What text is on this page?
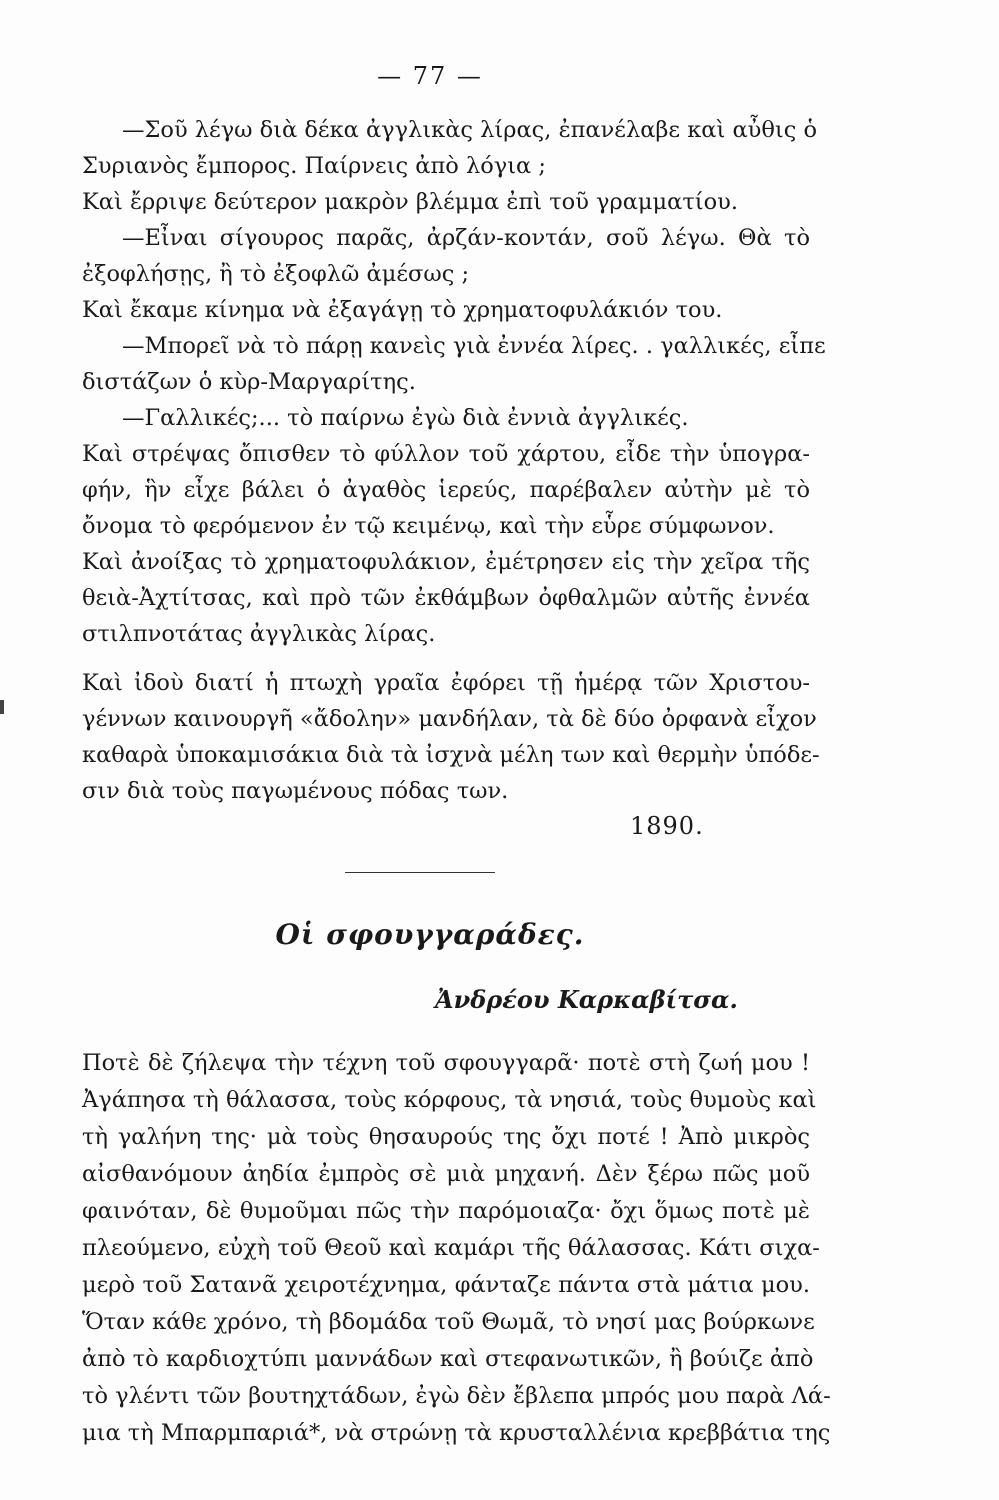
— 77 —
—Σοῦ λέγω διὰ δέκα ἀγγλικὰς λίρας, ἐπανέλαβε καὶ αὖθις ὁ
Συριανὸς ἔμπορος. Παίρνεις ἀπὸ λόγια ;
Καὶ ἔρριψε δεύτερον μακρὸν βλέμμα ἐπὶ τοῦ γραμματίου.
—Εἶναι σίγουρος παρᾶς, ἀρζάν-κοντάν, σοῦ λέγω. Θὰ τὸ
ἐξοφλήσῃς, ἢ τὸ ἐξοφλῶ ἀμέσως ;
Καὶ ἔκαμε κίνημα νὰ ἐξαγάγῃ τὸ χρηματοφυλάκιόν του.
—Μπορεῖ νὰ τὸ πάρῃ κανεὶς γιὰ ἐννέα λίρες. . γαλλικές, εἶπε
διστάζων ὁ κὺρ-Μαργαρίτης.
—Γαλλικές;... τὸ παίρνω ἐγὼ διὰ ἐννιὰ ἀγγλικές.
Καὶ στρέψας ὄπισθεν τὸ φύλλον τοῦ χάρτου, εἶδε τὴν ὑπογρα-
φήν, ἣν εἶχε βάλει ὁ ἀγαθὸς ἱερεύς, παρέβαλεν αὐτὴν μὲ τὸ
ὄνομα τὸ φερόμενον ἐν τῷ κειμένῳ, καὶ τὴν εὗρε σύμφωνον.
Καὶ ἀνοίξας τὸ χρηματοφυλάκιον, ἐμέτρησεν εἰς τὴν χεῖρα τῆς
θειὰ-Ἀχτίτσας, καὶ πρὸ τῶν ἐκθάμβων ὀφθαλμῶν αὐτῆς ἐννέα
στιλπνοτάτας ἀγγλικὰς λίρας.
Καὶ ἰδοὺ διατί ἡ πτωχὴ γραῖα ἐφόρει τῇ ἡμέρᾳ τῶν Χριστου-
γέννων καινουργῆ «ἄδολην» μανδήλαν, τὰ δὲ δύο ὀρφανὰ εἶχον
καθαρὰ ὑποκαμισάκια διὰ τὰ ἰσχνὰ μέλη των καὶ θερμὴν ὑπόδε-
σιν διὰ τοὺς παγωμένους πόδας των.
1890.
Οἱ σφουγγαράδες.
Ἀνδρέου Καρκαβίτσα.
Ποτὲ δὲ ζήλεψα τὴν τέχνη τοῦ σφουγγαρᾶ· ποτὲ στὴ ζωή μου !
Ἀγάπησα τὴ θάλασσα, τοὺς κόρφους, τὰ νησιά, τοὺς θυμοὺς καὶ
τὴ γαλήνη της· μὰ τοὺς θησαυρούς της ὄχι ποτέ ! Ἀπὸ μικρὸς
αἰσθανόμουν ἀηδία ἐμπρὸς σὲ μιὰ μηχανή. Δὲν ξέρω πῶς μοῦ
φαινόταν, δὲ θυμοῦμαι πῶς τὴν παρόμοιαζα· ὄχι ὅμως ποτὲ μὲ
πλεούμενο, εὐχὴ τοῦ Θεοῦ καὶ καμάρι τῆς θάλασσας. Κάτι σιχα-
μερὸ τοῦ Σατανᾶ χειροτέχνημα, φάνταζε πάντα στὰ μάτια μου.
Ὅταν κάθε χρόνο, τὴ βδομάδα τοῦ Θωμᾶ, τὸ νησί μας βούρκωνε
ἀπὸ τὸ καρδιοχτύπι μαννάδων καὶ στεφανωτικῶν, ἢ βούιζε ἀπὸ
τὸ γλέντι τῶν βουτηχτάδων, ἐγὼ δὲν ἔβλεπα μπρός μου παρὰ Λά-
μια τὴ Μπαρμπαριά*, νὰ στρώνῃ τὰ κρυσταλλένια κρεββάτια της
